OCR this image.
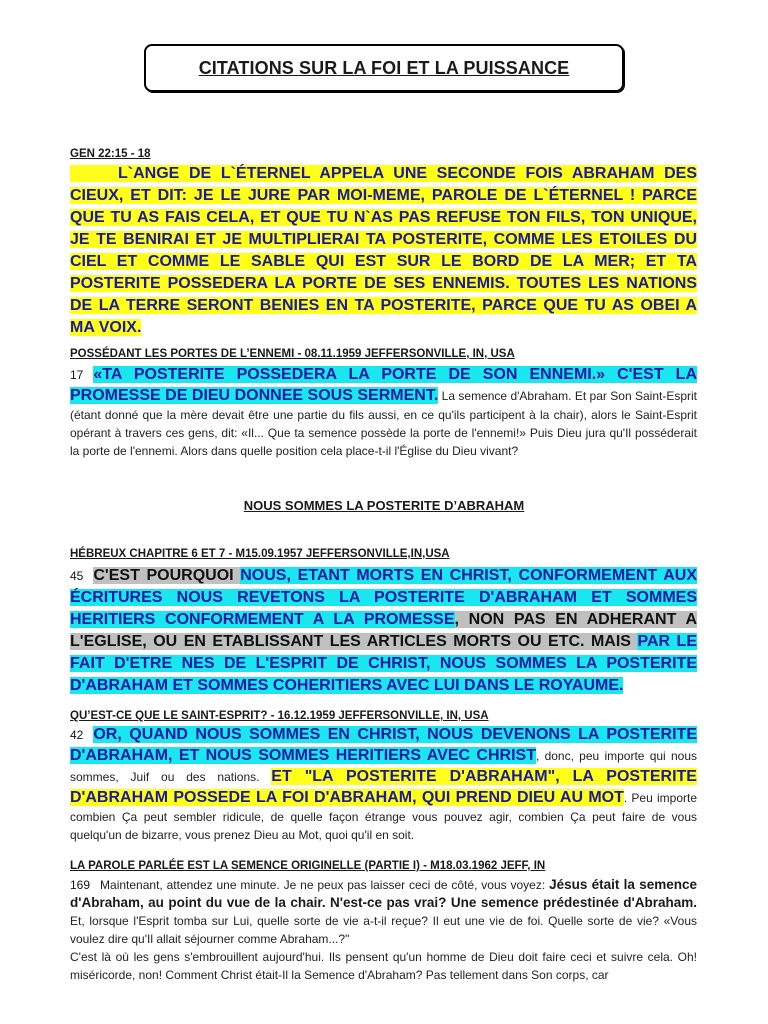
CITATIONS SUR LA FOI ET LA PUISSANCE
GEN 22:15 - 18
L`ANGE DE L`ÉTERNEL APPELA UNE SECONDE FOIS ABRAHAM DES CIEUX, ET DIT: JE LE JURE PAR MOI-MEME, PAROLE DE L`ÉTERNEL ! PARCE QUE TU AS FAIS CELA, ET QUE TU N`AS PAS REFUSE TON FILS, TON UNIQUE, JE TE BENIRAI ET JE MULTIPLIERAI TA POSTERITE, COMME LES ETOILES DU CIEL ET COMME LE SABLE QUI EST SUR LE BORD DE LA MER; ET TA POSTERITE POSSEDERA LA PORTE DE SES ENNEMIS. TOUTES LES NATIONS DE LA TERRE SERONT BENIES EN TA POSTERITE, PARCE QUE TU AS OBEI A MA VOIX.
POSSÉDANT LES PORTES DE L’ENNEMI - 08.11.1959 JEFFERSONVILLE, IN, USA
17 «TA POSTERITE POSSEDERA LA PORTE DE SON ENNEMI.» C'EST LA PROMESSE DE DIEU DONNEE SOUS SERMENT. La semence d'Abraham. Et par Son Saint-Esprit (étant donné que la mère devait être une partie du fils aussi, en ce qu'ils participent à la chair), alors le Saint-Esprit opérant à travers ces gens, dit: «Il... Que ta semence possède la porte de l'ennemi!» Puis Dieu jura qu'Il posséderait la porte de l'ennemi. Alors dans quelle position cela place-t-il l'Église du Dieu vivant?
NOUS SOMMES LA POSTERITE D’ABRAHAM
HÉBREUX CHAPITRE 6 ET 7 - M15.09.1957 JEFFERSONVILLE,IN,USA
45 C'EST POURQUOI NOUS, ETANT MORTS EN CHRIST, CONFORMEMENT AUX ÉCRITURES NOUS REVETONS LA POSTERITE D'ABRAHAM ET SOMMES HERITIERS CONFORMEMENT A LA PROMESSE, NON PAS EN ADHERANT A L'EGLISE, OU EN ETABLISSANT LES ARTICLES MORTS OU ETC. MAIS PAR LE FAIT D'ETRE NES DE L'ESPRIT DE CHRIST, NOUS SOMMES LA POSTERITE D'ABRAHAM ET SOMMES COHERITIERS AVEC LUI DANS LE ROYAUME.
QU’EST-CE QUE LE SAINT-ESPRIT? - 16.12.1959 JEFFERSONVILLE, IN, USA
42 OR, QUAND NOUS SOMMES EN CHRIST, NOUS DEVENONS LA POSTERITE D'ABRAHAM, ET NOUS SOMMES HERITIERS AVEC CHRIST, donc, peu importe qui nous sommes, Juif ou des nations. ET "LA POSTERITE D'ABRAHAM", LA POSTERITE D'ABRAHAM POSSEDE LA FOI D'ABRAHAM, QUI PREND DIEU AU MOT. Peu importe combien Ça peut sembler ridicule, de quelle façon étrange vous pouvez agir, combien Ça peut faire de vous quelqu'un de bizarre, vous prenez Dieu au Mot, quoi qu'il en soit.
LA PAROLE PARLÉE EST LA SEMENCE ORIGINELLE (PARTIE I) - M18.03.1962 JEFF, IN
169 Maintenant, attendez une minute. Je ne peux pas laisser ceci de côté, vous voyez: Jésus était la semence d'Abraham, au point du vue de la chair. N'est-ce pas vrai? Une semence prédestinée d'Abraham. Et, lorsque l'Esprit tomba sur Lui, quelle sorte de vie a-t-il reçue? Il eut une vie de foi. Quelle sorte de vie? «Vous voulez dire qu'Il allait séjourner comme Abraham...?"
C'est là où les gens s'embrouillent aujourd'hui. Ils pensent qu'un homme de Dieu doit faire ceci et suivre cela. Oh! miséricorde, non! Comment Christ était-Il la Semence d'Abraham? Pas tellement dans Son corps, car
